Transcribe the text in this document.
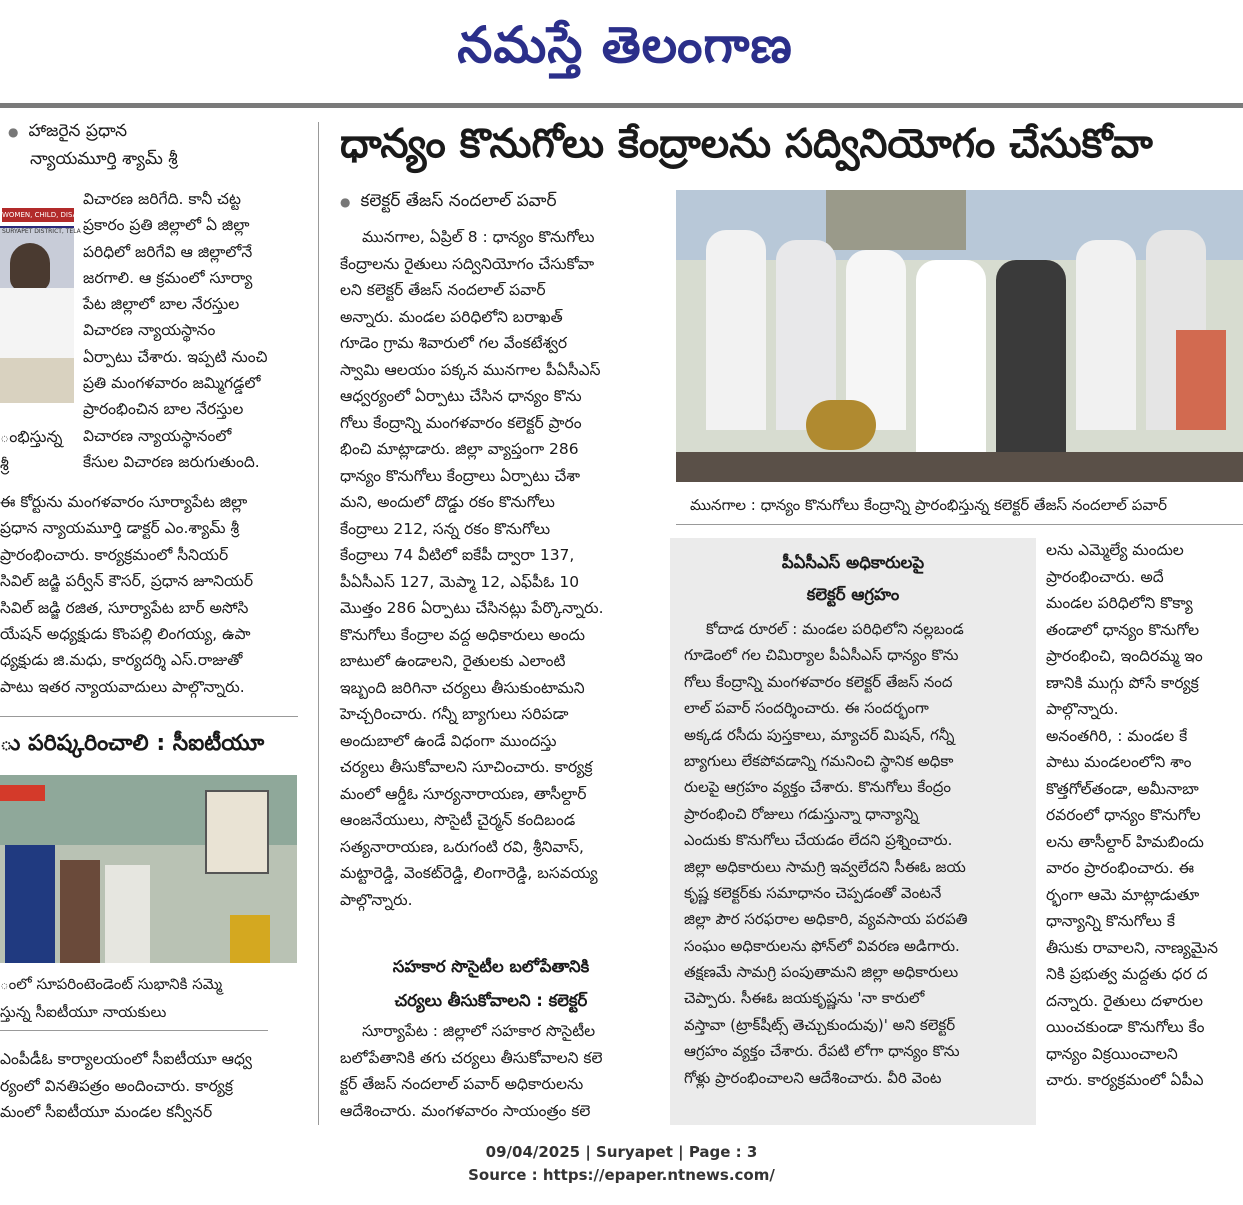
నమస్తే తెలంగాణ
● హాజరైన ప్రధాన
న్యాయమూర్తి శ్యామ్ శ్రీ
WOMEN, CHILD, DISABLED
SURYAPET DISTRICT, TELA
ంభిస్తున్న
శ్రీ
విచారణ జరిగేది. కానీ చట్ట
ప్రకారం ప్రతి జిల్లాలో ఏ జిల్లా
పరిధిలో జరిగేవి ఆ జిల్లాలోనే
జరగాలి. ఆ క్రమంలో సూర్యా
పేట జిల్లాలో బాల నేరస్తుల
విచారణ న్యాయస్థానం
ఏర్పాటు చేశారు. ఇప్పటి నుంచి
ప్రతి మంగళవారం జమ్మిగడ్డలో
ప్రారంభించిన బాల నేరస్తుల
విచారణ న్యాయస్థానంలో
కేసుల విచారణ జరుగుతుంది.
ఈ కోర్టును మంగళవారం సూర్యాపేట జిల్లా
ప్రధాన న్యాయమూర్తి డాక్టర్ ఎం.శ్యామ్ శ్రీ
ప్రారంభించారు. కార్యక్రమంలో సీనియర్
సివిల్ జడ్జి పర్వీన్ కౌసర్, ప్రధాన జూనియర్
సివిల్ జడ్జి రజిత, సూర్యాపేట బార్ అసోసి
యేషన్ అధ్యక్షుడు కొంపల్లి లింగయ్య, ఉపా
ధ్యక్షుడు జి.మధు, కార్యదర్శి ఎస్.రాజుతో
పాటు ఇతర న్యాయవాదులు పాల్గొన్నారు.
ు పరిష్కరించాలి : సీఐటీయూ
ంలో సూపరింటెండెంట్ సుభానికి సమ్మె
స్తున్న సీఐటీయూ నాయకులు
ఎంపీడీఓ కార్యాలయంలో సీఐటీయూ ఆధ్వ
ర్యంలో వినతిపత్రం అందించారు. కార్యక్ర
మంలో సీఐటీయూ మండల కన్వీనర్
ధాన్యం కొనుగోలు కేంద్రాలను సద్వినియోగం చేసుకోవా
● కలెక్టర్ తేజస్ నందలాల్ పవార్
మునగాల, ఏప్రిల్ 8 : ధాన్యం కొనుగోలు
కేంద్రాలను రైతులు సద్వినియోగం చేసుకోవా
లని కలెక్టర్ తేజస్ నందలాల్ పవార్
అన్నారు. మండల పరిధిలోని బరాఖత్
గూడెం గ్రామ శివారులో గల వేంకటేశ్వర
స్వామి ఆలయం పక్కన మునగాల పీఏసీఎస్
ఆధ్వర్యంలో ఏర్పాటు చేసిన ధాన్యం కొను
గోలు కేంద్రాన్ని మంగళవారం కలెక్టర్ ప్రారం
భించి మాట్లాడారు. జిల్లా వ్యాప్తంగా 286
ధాన్యం కొనుగోలు కేంద్రాలు ఏర్పాటు చేశా
మని, అందులో దొడ్డు రకం కొనుగోలు
కేంద్రాలు 212, సన్న రకం కొనుగోలు
కేంద్రాలు 74 వీటిలో ఐకేపీ ద్వారా 137,
పీఏసీఎస్ 127, మెప్మా 12, ఎఫ్‌పీఓ 10
మొత్తం 286 ఏర్పాటు చేసినట్లు పేర్కొన్నారు.
కొనుగోలు కేంద్రాల వద్ద అధికారులు అందు
బాటులో ఉండాలని, రైతులకు ఎలాంటి
ఇబ్బంది జరిగినా చర్యలు తీసుకుంటామని
హెచ్చరించారు. గన్నీ బ్యాగులు సరిపడా
అందుబాలో ఉండే విధంగా ముందస్తు
చర్యలు తీసుకోవాలని సూచించారు. కార్యక్ర
మంలో ఆర్డీఓ సూర్యనారాయణ, తాసీల్దార్
ఆంజనేయులు, సొసైటీ చైర్మన్ కందిబండ
సత్యనారాయణ, ఒరుగంటి రవి, శ్రీనివాస్,
మట్టారెడ్డి, వెంకట్‌రెడ్డి, లింగారెడ్డి, బసవయ్య
పాల్గొన్నారు.
సహకార సొసైటీల బలోపేతానికి
చర్యలు తీసుకోవాలని : కలెక్టర్
సూర్యాపేట : జిల్లాలో సహకార సొసైటీల
బలోపేతానికి తగు చర్యలు తీసుకోవాలని కలె
క్టర్ తేజస్ నందలాల్ పవార్ అధికారులను
ఆదేశించారు. మంగళవారం సాయంత్రం కలె
మునగాల : ధాన్యం కొనుగోలు కేంద్రాన్ని ప్రారంభిస్తున్న కలెక్టర్ తేజస్ నందలాల్ పవార్
పీఏసీఎస్ అధికారులపై
కలెక్టర్ ఆగ్రహం
కోదాడ రూరల్ : మండల పరిధిలోని నల్లబండ
గూడెంలో గల చిమిర్యాల పీఏసీఎస్ ధాన్యం కొను
గోలు కేంద్రాన్ని మంగళవారం కలెక్టర్ తేజస్ నంద
లాల్ పవార్ సందర్శించారు. ఈ సందర్భంగా
అక్కడ రసీదు పుస్తకాలు, మ్యాచర్ మిషన్, గన్నీ
బ్యాగులు లేకపోవడాన్ని గమనించి స్థానిక అధికా
రులపై ఆగ్రహం వ్యక్తం చేశారు. కొనుగోలు కేంద్రం
ప్రారంభించి రోజులు గడుస్తున్నా ధాన్యాన్ని
ఎందుకు కొనుగోలు చేయడం లేదని ప్రశ్నించారు.
జిల్లా అధికారులు సామగ్రి ఇవ్వలేదని సీఈఓ జయ
కృష్ణ కలెక్టర్‌కు సమాధానం చెప్పడంతో వెంటనే
జిల్లా పౌర సరఫరాల అధికారి, వ్యవసాయ పరపతి
సంఘం అధికారులను ఫోన్‌లో వివరణ అడిగారు.
తక్షణమే సామగ్రి పంపుతామని జిల్లా అధికారులు
చెప్పారు. సీఈఓ జయకృష్ణను 'నా కారులో
వస్తావా (ట్రాక్‌షీట్స్ తెచ్చుకుందువు)' అని కలెక్టర్
ఆగ్రహం వ్యక్తం చేశారు. రేపటి లోగా ధాన్యం కొను
గోళ్లు ప్రారంభించాలని ఆదేశించారు. వీరి వెంట
లను ఎమ్మెల్యే మందుల
ప్రారంభించారు. అదే
మండల పరిధిలోని కొక్యా
తండాలో ధాన్యం కొనుగోల
ప్రారంభించి, ఇందిరమ్మ ఇం
ణానికి ముగ్గు పోసే కార్యక్ర
పాల్గొన్నారు.
అనంతగిరి, : మండల కే
పాటు మండలంలోని శాం
కొత్తగోల్‌తండా, అమీనాబా
రవరంలో ధాన్యం కొనుగోల
లను తాసీల్దార్ హిమబిందు
వారం ప్రారంభించారు. ఈ
ర్భంగా ఆమె మాట్లాడుతూ
ధాన్యాన్ని కొనుగోలు కే
తీసుకు రావాలని, నాణ్యమైన
నికి ప్రభుత్వ మద్దతు ధర ద
దన్నారు. రైతులు దళారుల
యించకుండా కొనుగోలు కేం
ధాన్యం విక్రయించాలని
చారు. కార్యక్రమంలో ఏపీఎ
09/04/2025 | Suryapet | Page : 3
Source : https://epaper.ntnews.com/
